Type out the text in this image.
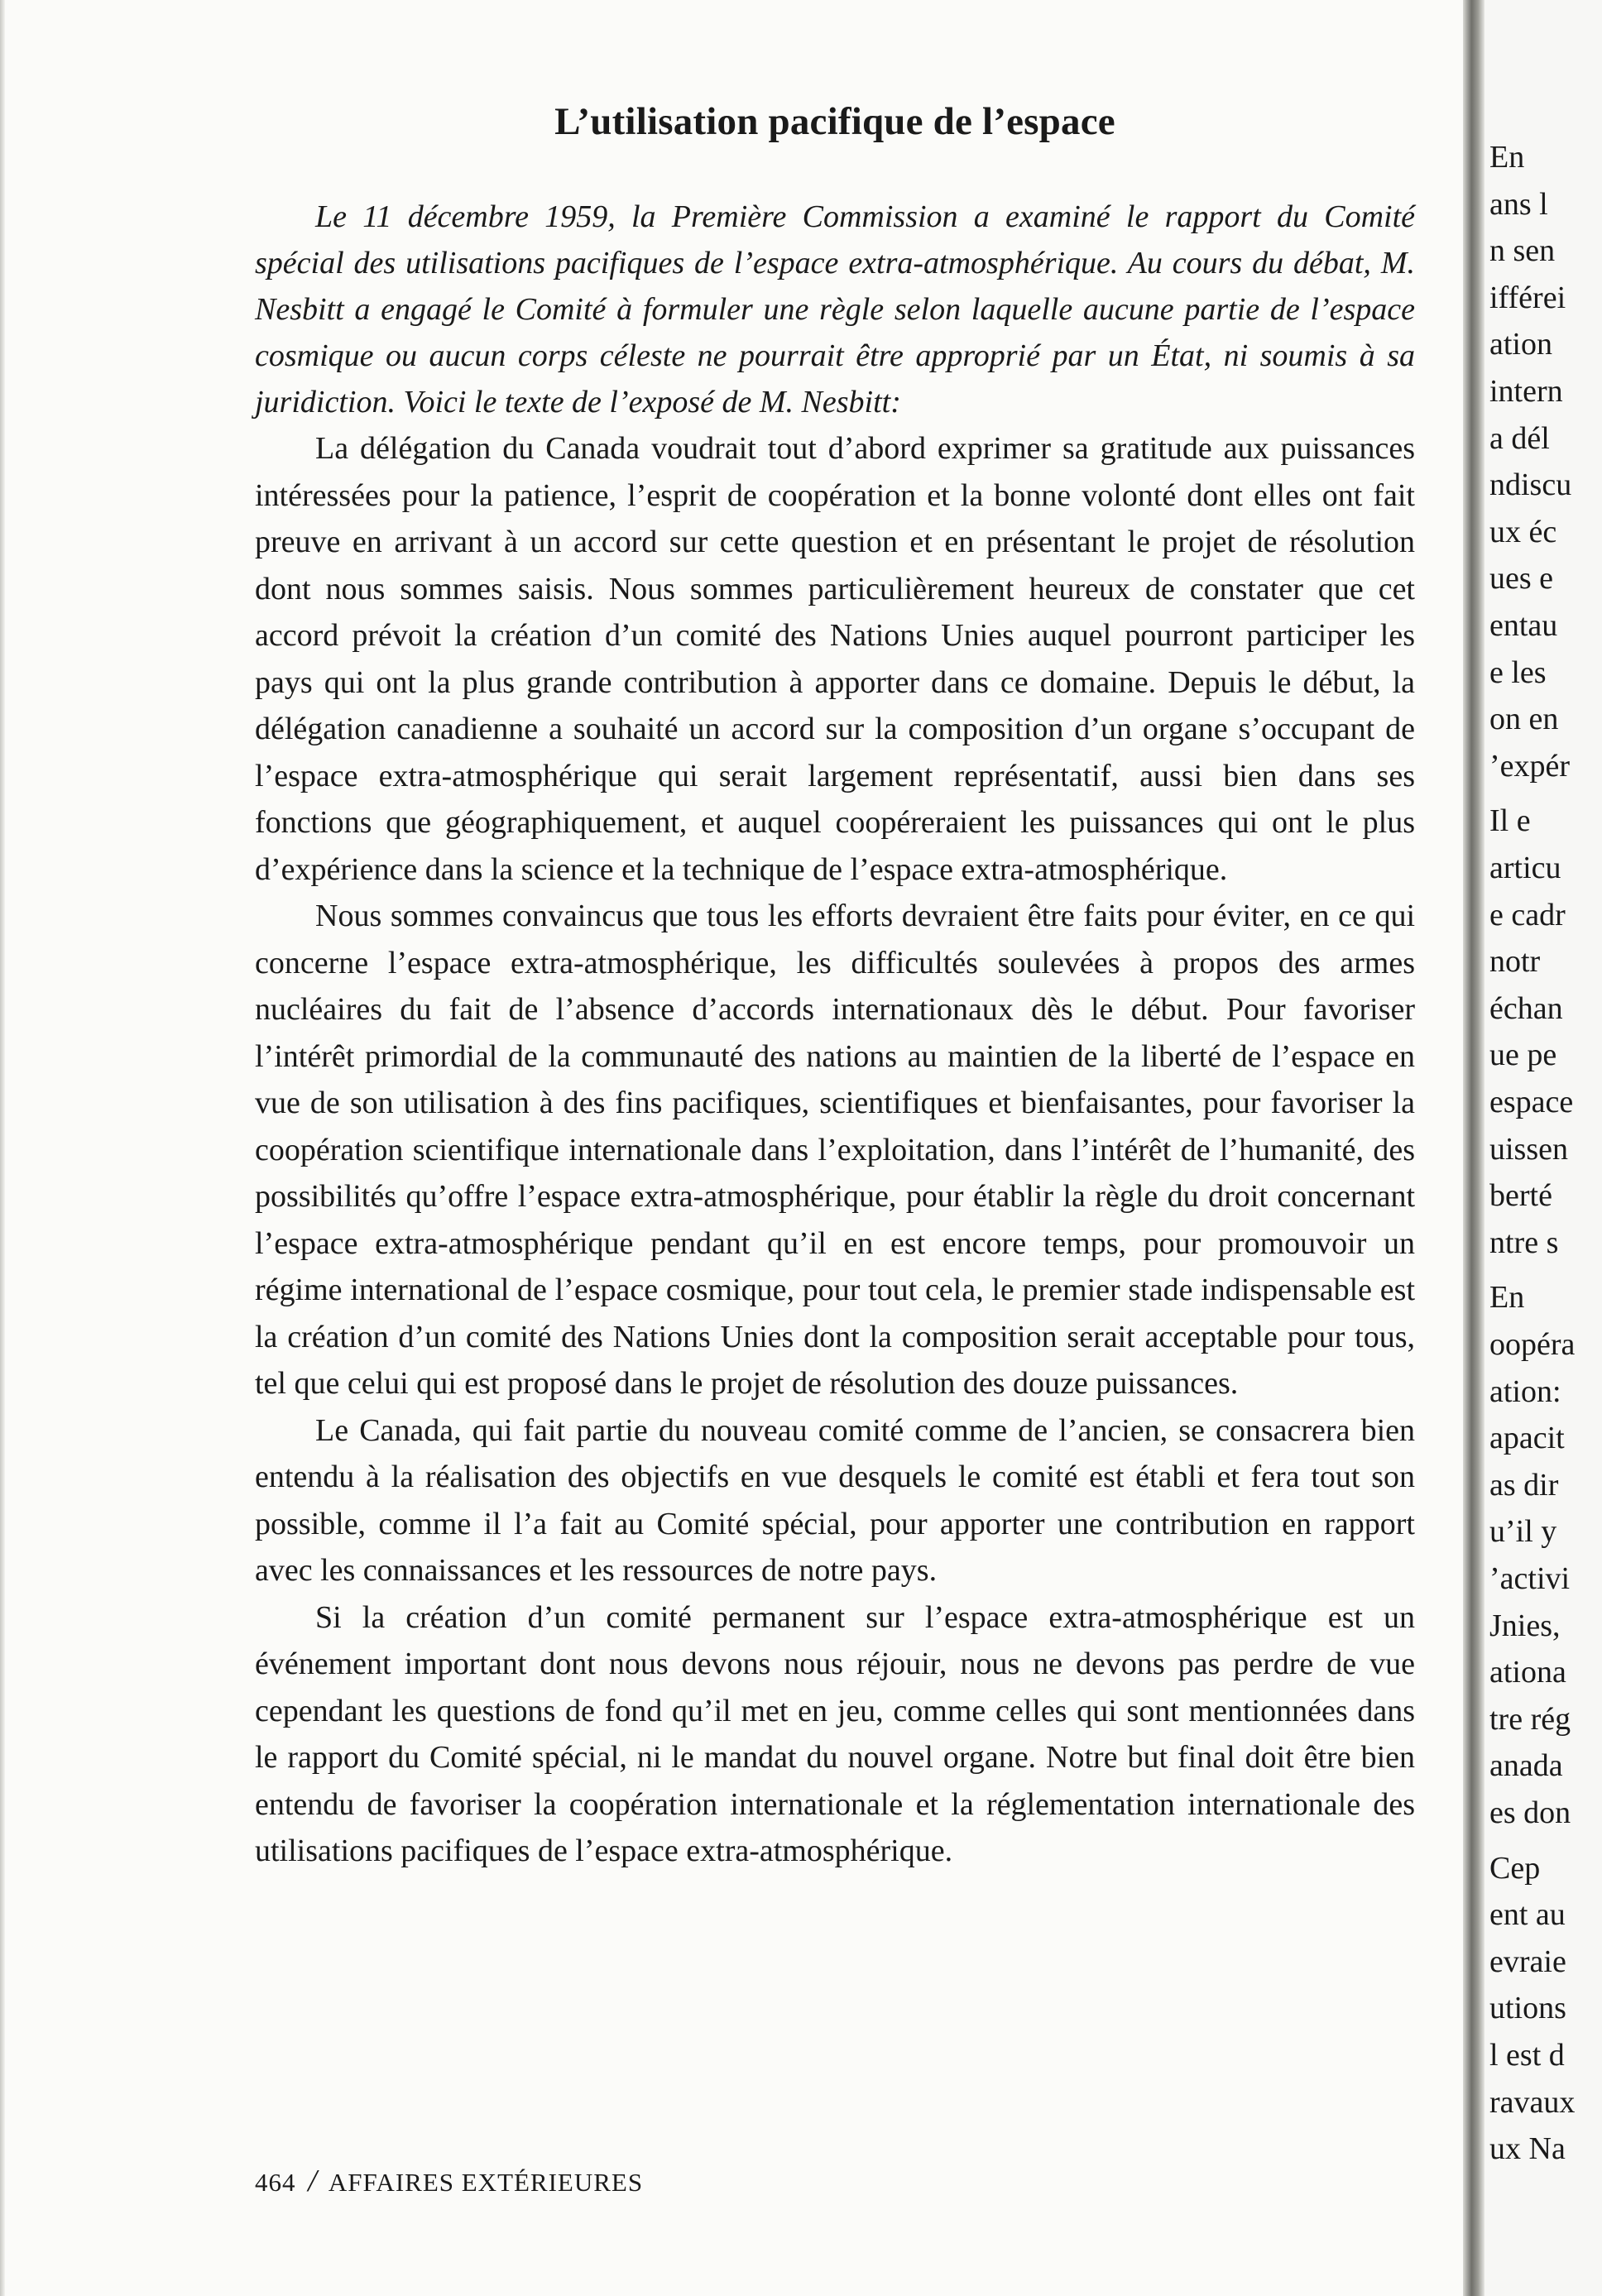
L’utilisation pacifique de l’espace

Le 11 décembre 1959, la Première Commission a examiné le rapport du Comité spécial des utilisations pacifiques de l’espace extra-atmosphérique. Au cours du débat, M. Nesbitt a engagé le Comité à formuler une règle selon laquelle aucune partie de l’espace cosmique ou aucun corps céleste ne pourrait être approprié par un État, ni soumis à sa juridiction. Voici le texte de l’exposé de M. Nesbitt:

La délégation du Canada voudrait tout d’abord exprimer sa gratitude aux puissances intéressées pour la patience, l’esprit de coopération et la bonne volonté dont elles ont fait preuve en arrivant à un accord sur cette question et en présentant le projet de résolution dont nous sommes saisis. Nous sommes particulièrement heureux de constater que cet accord prévoit la création d’un comité des Nations Unies auquel pourront participer les pays qui ont la plus grande contribution à apporter dans ce domaine. Depuis le début, la délégation canadienne a souhaité un accord sur la composition d’un organe s’occupant de l’espace extra-atmosphérique qui serait largement représentatif, aussi bien dans ses fonctions que géographiquement, et auquel coopéreraient les puissances qui ont le plus d’expérience dans la science et la technique de l’espace extra-atmosphérique.

Nous sommes convaincus que tous les efforts devraient être faits pour éviter, en ce qui concerne l’espace extra-atmosphérique, les difficultés soulevées à propos des armes nucléaires du fait de l’absence d’accords internationaux dès le début. Pour favoriser l’intérêt primordial de la communauté des nations au maintien de la liberté de l’espace en vue de son utilisation à des fins pacifiques, scientifiques et bienfaisantes, pour favoriser la coopération scientifique internationale dans l’exploitation, dans l’intérêt de l’humanité, des possibilités qu’offre l’espace extra-atmosphérique, pour établir la règle du droit concernant l’espace extra-atmosphérique pendant qu’il en est encore temps, pour promouvoir un régime international de l’espace cosmique, pour tout cela, le premier stade indispensable est la création d’un comité des Nations Unies dont la composition serait acceptable pour tous, tel que celui qui est proposé dans le projet de résolution des douze puissances.

Le Canada, qui fait partie du nouveau comité comme de l’ancien, se consacrera bien entendu à la réalisation des objectifs en vue desquels le comité est établi et fera tout son possible, comme il l’a fait au Comité spécial, pour apporter une contribution en rapport avec les connaissances et les ressources de notre pays.

Si la création d’un comité permanent sur l’espace extra-atmosphérique est un événement important dont nous devons nous réjouir, nous ne devons pas perdre de vue cependant les questions de fond qu’il met en jeu, comme celles qui sont mentionnées dans le rapport du Comité spécial, ni le mandat du nouvel organe. Notre but final doit être bien entendu de favoriser la coopération internationale et la réglementation internationale des utilisations pacifiques de l’espace extra-atmosphérique.

464 / AFFAIRES EXTÉRIEURES
En
ans l
n sen
ifférei
ation
intern
a dél
ndiscu
ux éc
ues e
entau
e les
on en
’expér
Il e
articu
e cadr
notr
échan
ue pe
espace
uissen
berté
ntre s
En
oopéra
ation:
apacit
as dir
u’il y
’activi
Jnies,
ationa
tre rég
anada
es don
Cep
ent au
evraie
utions
l est d
ravaux
ux Na
